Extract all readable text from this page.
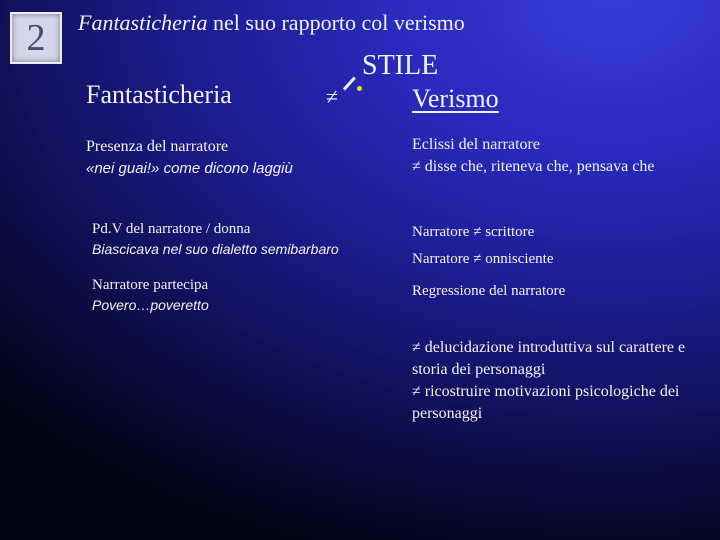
2 Fantasticheria nel suo rapporto col verismo
Fantasticheria	≠
STILE
Verismo
Presenza del narratore
«nei guai!» come dicono laggiù
Pd.V del narratore / donna
Biascicava nel suo dialetto semibarbaro
Narratore partecipa
Povero…poveretto
Eclissi del narratore
≠ disse che, riteneva che, pensava che
Narratore ≠ scrittore
Narratore ≠ onnisciente
Regressione del narratore
≠ delucidazione introduttiva sul carattere e
storia dei personaggi
≠ ricostruire motivazioni psicologiche dei
personaggi
